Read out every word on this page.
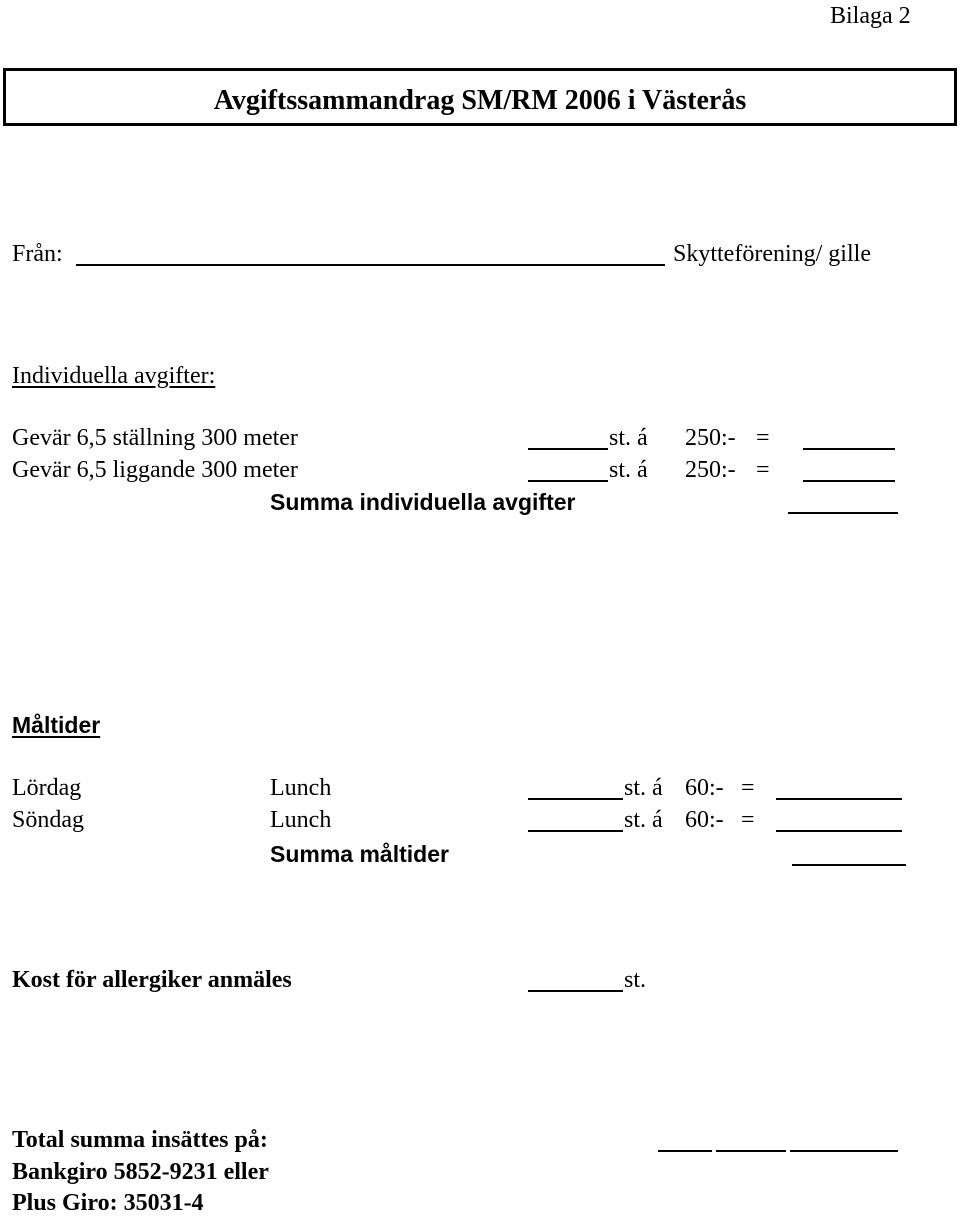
Bilaga 2
Avgiftssammandrag SM/RM 2006 i Västerås
Från:	Skytteförening/ gille
Individuella avgifter:
Gevär 6,5 ställning 300 meter	st. á 250:- =
Gevär 6,5 liggande 300 meter	st. á 250:- =
Summa individuella avgifter
Måltider
Lördag	Lunch	st. á 60:- =
Söndag	Lunch	st. á 60:- =
Summa måltider
Kost för allergiker anmäles	st.
Total summa insättes på:
Bankgiro 5852-9231 eller
Plus Giro: 35031-4
